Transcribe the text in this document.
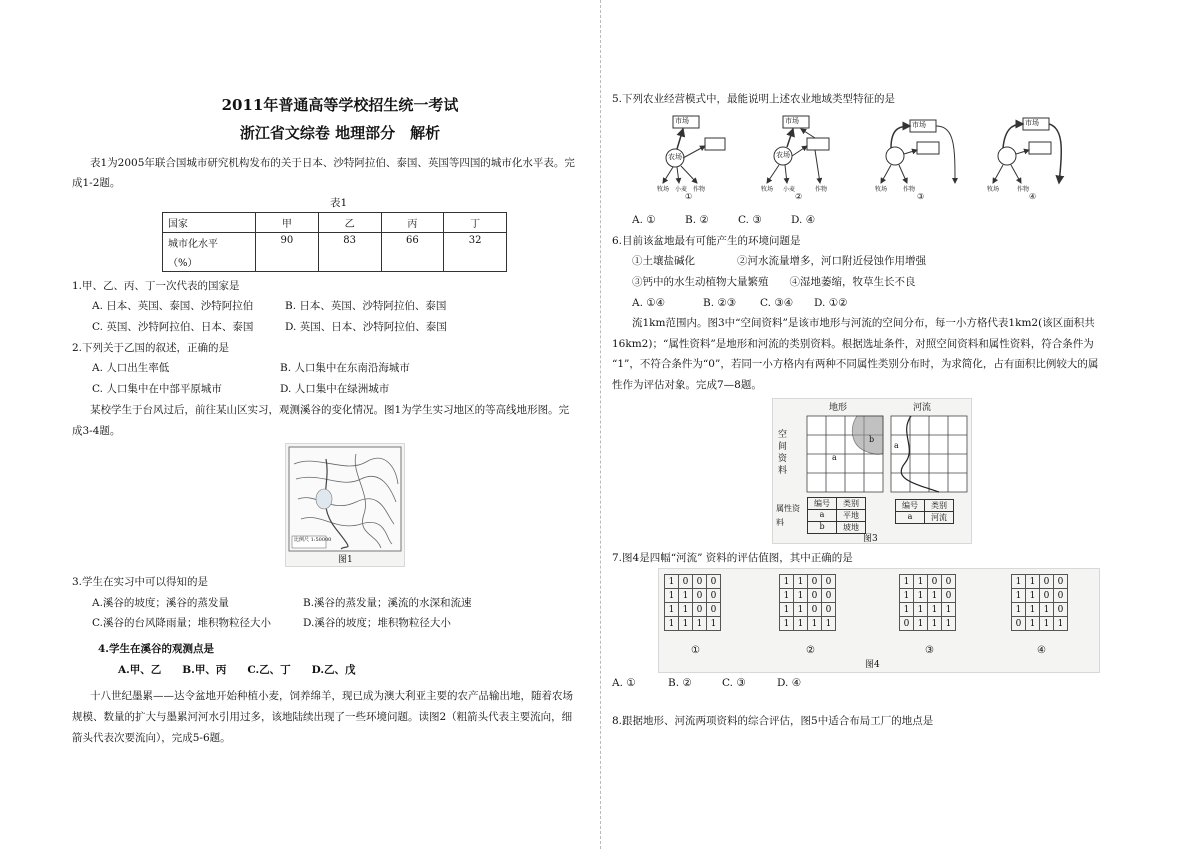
2011年普通高等学校招生统一考试
浙江省文综卷 地理部分　解析
表1为2005年联合国城市研究机构发布的关于日本、沙特阿拉伯、泰国、英国等四国的城市化水平表。完
成1-2题。
表1
国家	甲	乙	丙	丁

城市化水平
（%）	90	83	66	32
1.甲、乙、丙、丁一次代表的国家是
A. 日本、英国、泰国、沙特阿拉伯	B. 日本、英国、沙特阿拉伯、泰国
C. 英国、沙特阿拉伯、日本、泰国	D. 英国、日本、沙特阿拉伯、泰国
2.下列关于乙国的叙述，正确的是
A. 人口出生率低	B. 人口集中在东南沿海城市
C. 人口集中在中部平原城市	D. 人口集中在绿洲城市
某校学生于台风过后，前往某山区实习，观测溪谷的变化情况。图1为学生实习地区的等高线地形图。完
成3-4题。
比例尺 1:50000
图1
3.学生在实习中可以得知的是
A.溪谷的坡度；溪谷的蒸发量	B.溪谷的蒸发量；溪流的水深和流速
C.溪谷的台风降雨量；堆积物粒径大小	D.溪谷的坡度；堆积物粒径大小
4.学生在溪谷的观测点是
A.甲、乙　　B.甲、丙　　C.乙、丁　　D.乙、戊
十八世纪墨累——达令盆地开始种植小麦，饲养绵羊，现已成为澳大利亚主要的农产品输出地，随着农场
规模、数量的扩大与墨累河河水引用过多，该地陆续出现了一些环境问题。读图2（粗箭头代表主要流向，细
箭头代表次要流向），完成5-6题。
5.下列农业经营模式中，最能说明上述农业地域类型特征的是
市场
农场
市场
农场
市场	市场
牧场 小麦 作物	牧场 小麦	作物	牧场	作物	牧场	作物
①	②	③	④
A. ①	B. ②	C. ③	D. ④
6.目前该盆地最有可能产生的环境问题是
①土壤盐碱化　　　　②河水流量增多，河口附近侵蚀作用增强
③钙中的水生动植物大量繁殖　　④湿地萎缩，牧草生长不良
A. ①④	B. ②③ C. ③④ D. ①②
流1km范围内。图3中“空间资料”是该市地形与河流的空间分布，每一小方格代表1km2(该区面积共
16km2)；“属性资料”是地形和河流的类别资料。根据选址条件，对照空间资料和属性资料，符合条件为
“1”，不符合条件为“0”，若同一小方格内有两种不同属性类别分布时，为求简化，占有面积比例较大的属
性作为评估对象。完成7—8题。
地形	河流
空间资料
属性资料
a
b
a
编号	类别
a	平地
b	坡地
编号	类别
a	河流
图3
7.图4是四幅“河流” 资料的评估值图，其中正确的是
1	0	0	0
1	1	0	0
1	1	0	0
1	1	1	1
1	1	0	0
1	1	0	0
1	1	0	0
1	1	1	1
1	1	0	0
1	1	1	0
1	1	1	1
0	1	1	1
1	1	0	0
1	1	0	0
1	1	1	0
0	1	1	1
①	②	③	④
图4
A. ①	B. ②	C. ③	D. ④
8.跟据地形、河流两项资料的综合评估，图5中适合布局工厂的地点是
